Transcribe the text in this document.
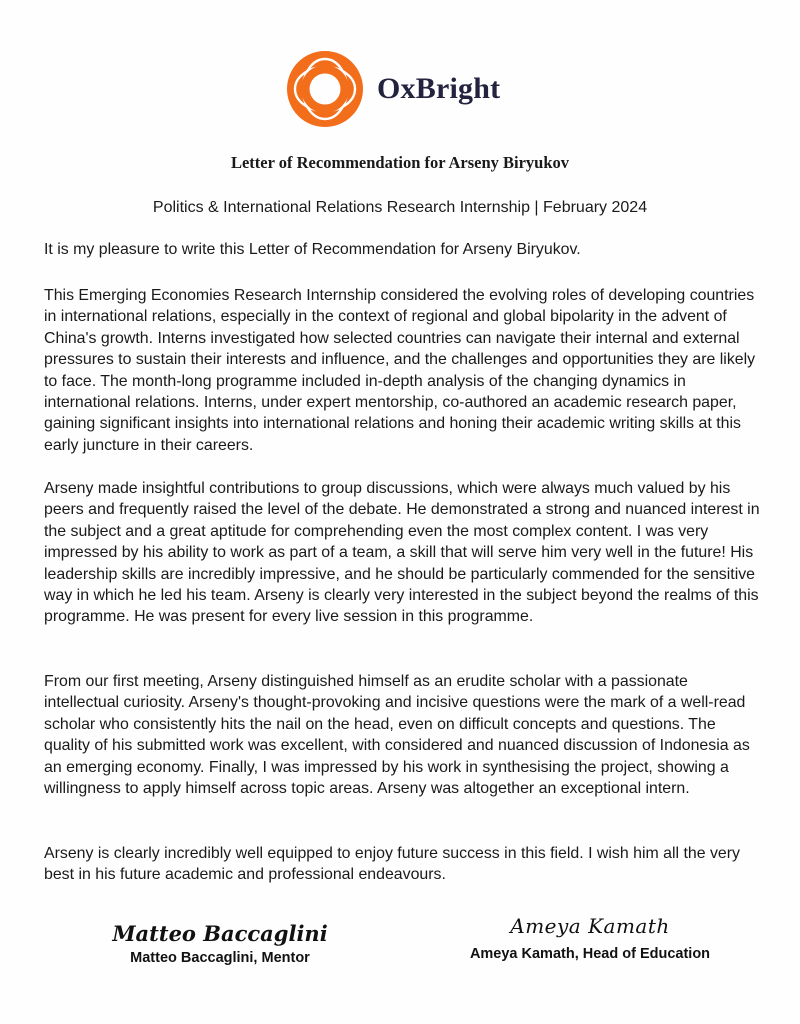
OxBright
Letter of Recommendation for Arseny Biryukov
Politics & International Relations Research Internship | February 2024

It is my pleasure to write this Letter of Recommendation for Arseny Biryukov.

This Emerging Economies Research Internship considered the evolving roles of developing countries in international relations, especially in the context of regional and global bipolarity in the advent of China's growth. Interns investigated how selected countries can navigate their internal and external pressures to sustain their interests and influence, and the challenges and opportunities they are likely to face. The month-long programme included in-depth analysis of the changing dynamics in international relations. Interns, under expert mentorship, co-authored an academic research paper, gaining significant insights into international relations and honing their academic writing skills at this early juncture in their careers.

Arseny made insightful contributions to group discussions, which were always much valued by his peers and frequently raised the level of the debate. He demonstrated a strong and nuanced interest in the subject and a great aptitude for comprehending even the most complex content. I was very impressed by his ability to work as part of a team, a skill that will serve him very well in the future! His leadership skills are incredibly impressive, and he should be particularly commended for the sensitive way in which he led his team. Arseny is clearly very interested in the subject beyond the realms of this programme. He was present for every live session in this programme.

From our first meeting, Arseny distinguished himself as an erudite scholar with a passionate intellectual curiosity. Arseny's thought-provoking and incisive questions were the mark of a well-read scholar who consistently hits the nail on the head, even on difficult concepts and questions. The quality of his submitted work was excellent, with considered and nuanced discussion of Indonesia as an emerging economy. Finally, I was impressed by his work in synthesising the project, showing a willingness to apply himself across topic areas. Arseny was altogether an exceptional intern.

Arseny is clearly incredibly well equipped to enjoy future success in this field. I wish him all the very best in his future academic and professional endeavours.

Matteo Baccaglini
Matteo Baccaglini, Mentor
Ameya Kamath
Ameya Kamath, Head of Education
